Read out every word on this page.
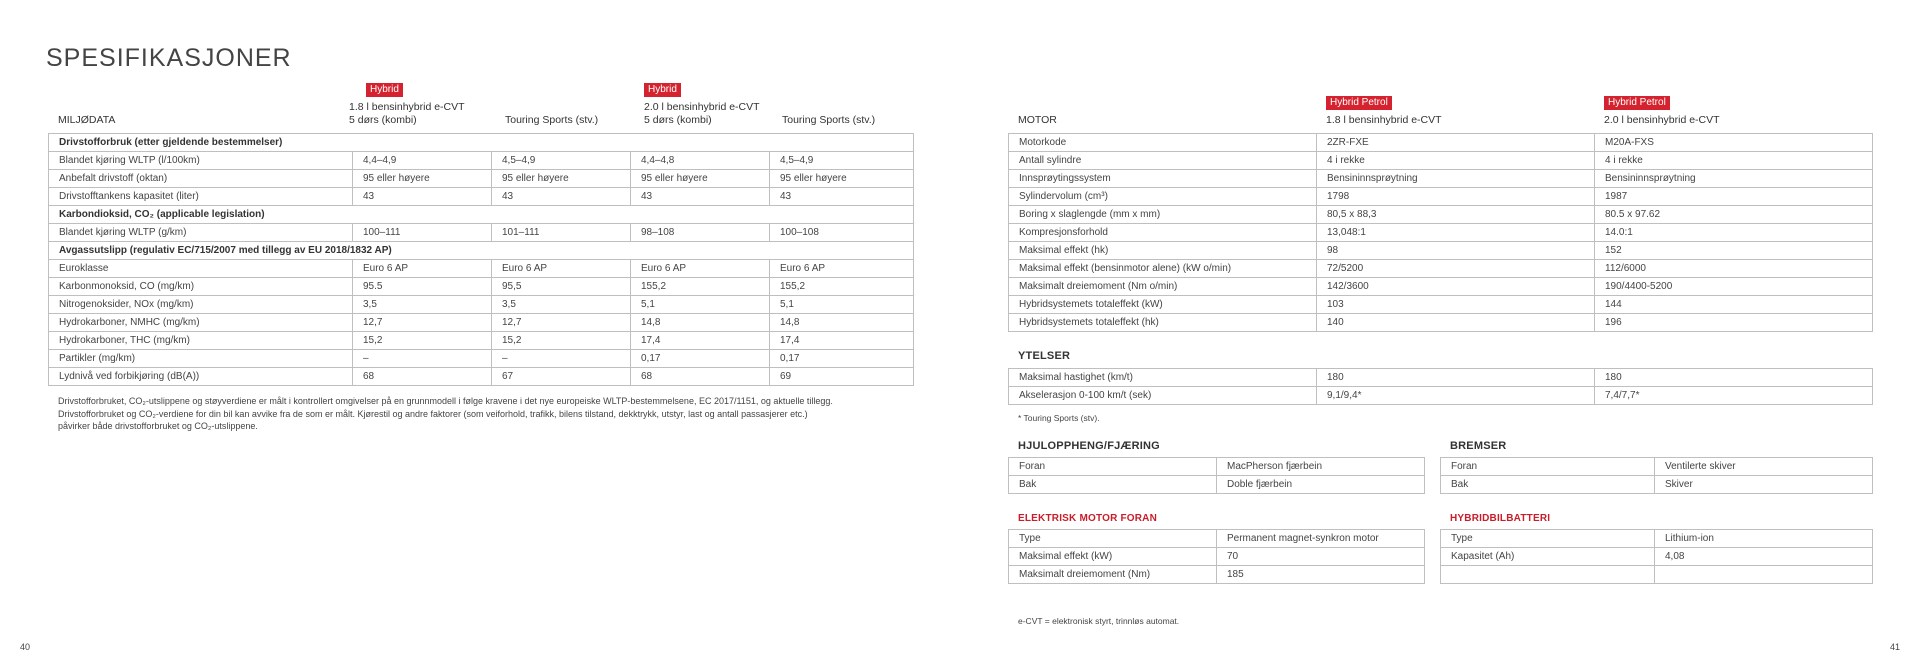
SPESIFIKASJONER
MILJØDATA
Hybrid
1.8 l bensinhybrid e-CVT
5 dørs (kombi)	Touring Sports (stv.)
Hybrid
2.0 l bensinhybrid e-CVT
5 dørs (kombi)	Touring Sports (stv.)
Drivstofforbruk (etter gjeldende bestemmelser)				
Blandet kjøring WLTP (l/100km)	4,4–4,9	4,5–4,9	4,4–4,8	4,5–4,9
Anbefalt drivstoff (oktan)	95 eller høyere	95 eller høyere	95 eller høyere	95 eller høyere
Drivstofftankens kapasitet (liter)	43	43	43	43
Karbondioksid, CO₂ (applicable legislation)				
Blandet kjøring WLTP (g/km)	100–111	101–111	98–108	100–108
Avgassutslipp (regulativ EC/715/2007 med tillegg av EU 2018/1832 AP)				
Euroklasse	Euro 6 AP	Euro 6 AP	Euro 6 AP	Euro 6 AP
Karbonmonoksid, CO (mg/km)	95.5	95,5	155,2	155,2
Nitrogenoksider, NOx (mg/km)	3,5	3,5	5,1	5,1
Hydrokarboner, NMHC (mg/km)	12,7	12,7	14,8	14,8
Hydrokarboner, THC (mg/km)	15,2	15,2	17,4	17,4
Partikler (mg/km)	–	–	0,17	0,17
Lydnivå ved forbikjøring (dB(A))	68	67	68	69

Drivstofforbruket, CO₂-utslippene og støyverdiene er målt i kontrollert omgivelser på en grunnmodell i følge kravene i det nye europeiske WLTP-bestemmelsene, EC 2017/1151, og aktuelle tillegg.

Drivstofforbruket og CO₂-verdiene for din bil kan avvike fra de som er målt. Kjørestil og andre faktorer (som veiforhold, trafikk, bilens tilstand, dekktrykk, utstyr, last og antall passasjerer etc.)

påvirker både drivstofforbruket og CO₂-utslippene.

40
MOTOR
Hybrid Petrol
1.8 l bensinhybrid e-CVT
Hybrid Petrol
2.0 l bensinhybrid e-CVT
Motorkode	2ZR-FXE	M20A-FXS
Antall sylindre	4 i rekke	4 i rekke
Innsprøytingssystem	Bensininnsprøytning	Bensininnsprøytning
Sylindervolum (cm³)	1798	1987
Boring x slaglengde (mm x mm)	80,5 x 88,3	80.5 x 97.62
Kompresjonsforhold	13,048:1	14.0:1
Maksimal effekt (hk)	98	152
Maksimal effekt (bensinmotor alene) (kW o/min)	72/5200	112/6000
Maksimalt dreiemoment (Nm o/min)	142/3600	190/4400-5200
Hybridsystemets totaleffekt (kW)	103	144
Hybridsystemets totaleffekt (hk)	140	196
YTELSER
Maksimal hastighet (km/t)	180	180
Akselerasjon 0-100 km/t (sek)	9,1/9,4*	7,4/7,7*
* Touring Sports (stv).
HJULOPPHENG/FJÆRING
Foran	MacPherson fjærbein
Bak	Doble fjærbein
BREMSER
Foran	Ventilerte skiver
Bak	Skiver
ELEKTRISK MOTOR FORAN
Type	Permanent magnet-synkron motor
Maksimal effekt (kW)	70
Maksimalt dreiemoment (Nm)	185
HYBRIDBILBATTERI
Type	Lithium-ion
Kapasitet (Ah)	4,08

e-CVT = elektronisk styrt, trinnløs automat.
41
